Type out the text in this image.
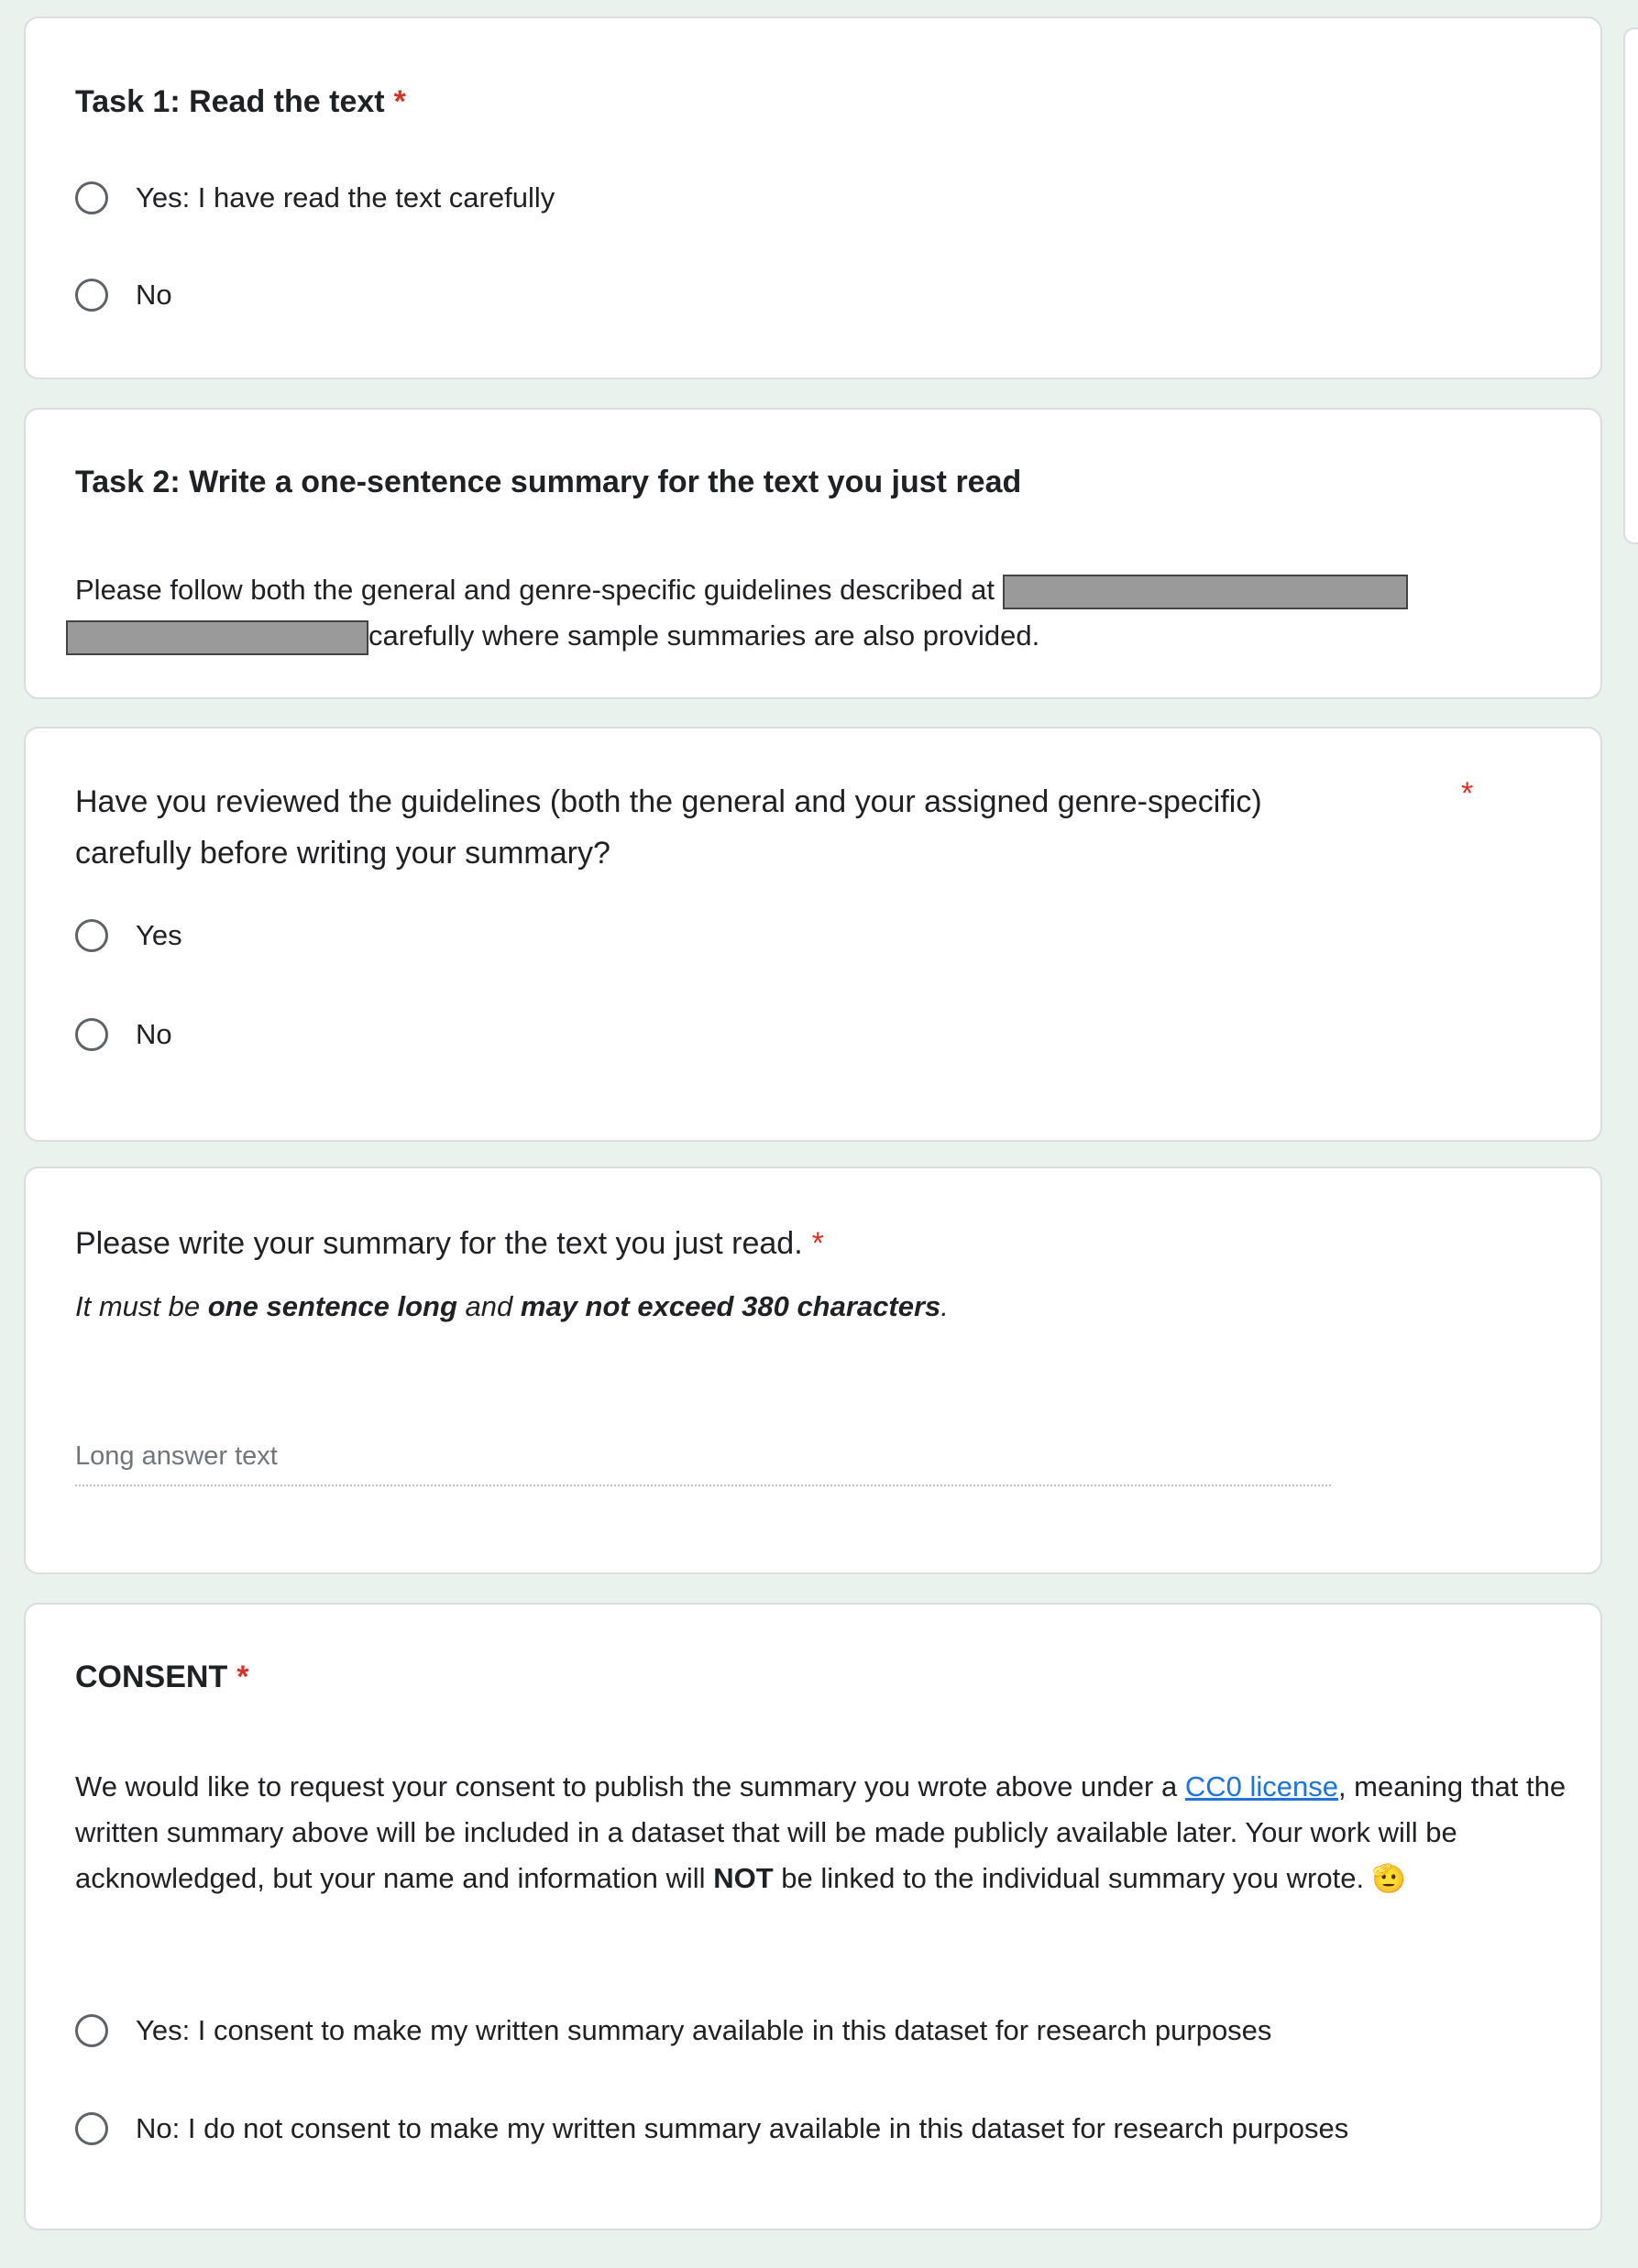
Task 1: Read the text *
Yes: I have read the text carefully
No
Task 2: Write a one-sentence summary for the text you just read
Please follow both the general and genre-specific guidelines described at
carefully where sample summaries are also provided.
Have you reviewed the guidelines (both the general and your assigned genre-specific)
carefully before writing your summary?
*
Yes
No
Please write your summary for the text you just read. *
It must be one sentence long and may not exceed 380 characters.
Long answer text
CONSENT *
We would like to request your consent to publish the summary you wrote above under a CC0 license, meaning that the written summary above will be included in a dataset that will be made publicly available later. Your work will be acknowledged, but your name and information will NOT be linked to the individual summary you wrote. 🫡
Yes: I consent to make my written summary available in this dataset for research purposes
No: I do not consent to make my written summary available in this dataset for research purposes
